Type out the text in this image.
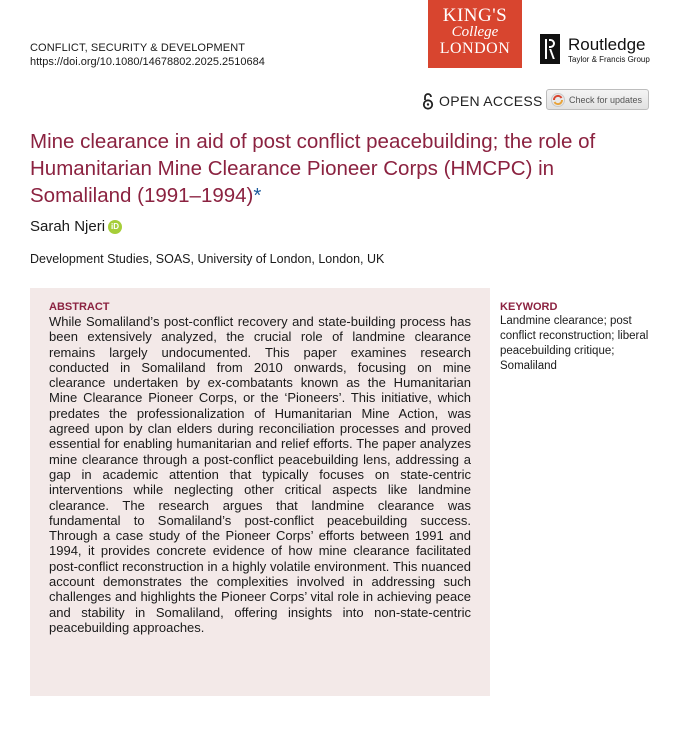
CONFLICT, SECURITY & DEVELOPMENT
https://doi.org/10.1080/14678802.2025.2510684
KING'S
College
LONDON	Routledge
Taylor & Francis Group
OPEN ACCESS	Check for updates
Mine clearance in aid of post conflict peacebuilding; the role of Humanitarian Mine Clearance Pioneer Corps (HMCPC) in Somaliland (1991–1994)*
Sarah Njeri iD
Development Studies, SOAS, University of London, London, UK
ABSTRACT
While Somaliland’s post-conflict recovery and state-building process has been extensively analyzed, the crucial role of landmine clearance remains largely undocumented. This paper examines research conducted in Somaliland from 2010 onwards, focusing on mine clearance undertaken by ex-combatants known as the Humanitarian Mine Clearance Pioneer Corps, or the ‘Pioneers’. This initiative, which predates the professionalization of Humanitarian Mine Action, was agreed upon by clan elders during reconciliation processes and proved essential for enabling humanitarian and relief efforts. The paper analyzes mine clearance through a post-conflict peacebuilding lens, addressing a gap in academic attention that typically focuses on state-centric interventions while neglecting other critical aspects like landmine clearance. The research argues that landmine clearance was fundamental to Somaliland’s post-conflict peacebuilding success. Through a case study of the Pioneer Corps’ efforts between 1991 and 1994, it provides concrete evidence of how mine clearance facilitated post-conflict reconstruction in a highly volatile environment. This nuanced account demonstrates the complexities involved in addressing such challenges and highlights the Pioneer Corps’ vital role in achieving peace and stability in Somaliland, offering insights into non-state-centric peacebuilding approaches.
KEYWORD
Landmine clearance; post conflict reconstruction; liberal peacebuilding critique; Somaliland
